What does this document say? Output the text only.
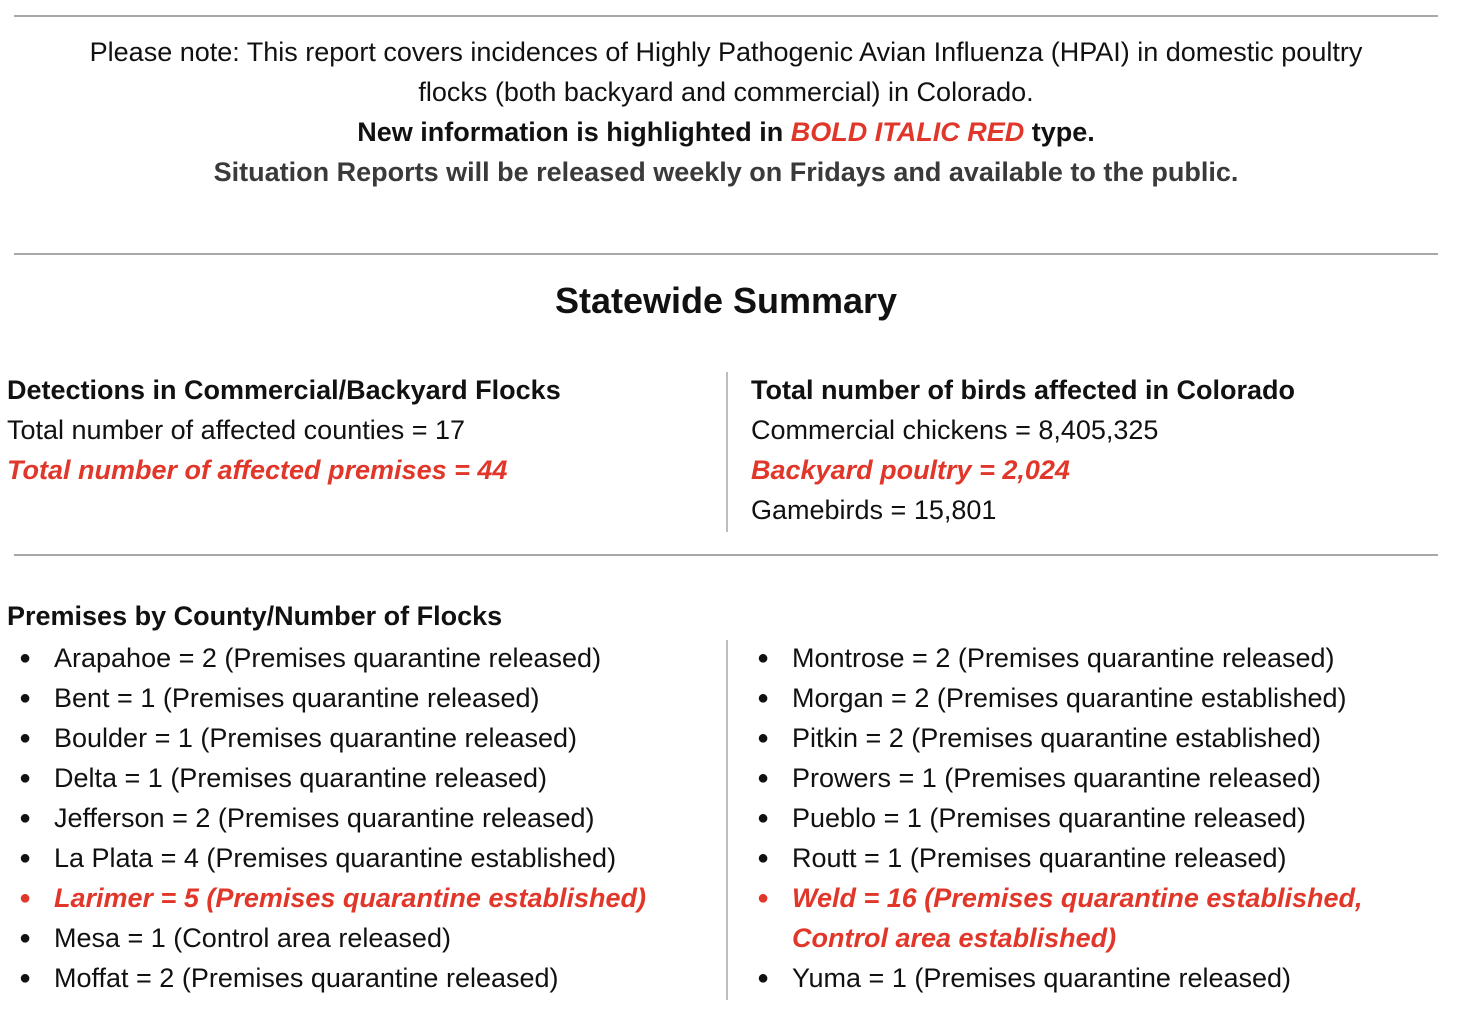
Please note: This report covers incidences of Highly Pathogenic Avian Influenza (HPAI) in domestic poultry

flocks (both backyard and commercial) in Colorado.

New information is highlighted in BOLD ITALIC RED type.

Situation Reports will be released weekly on Fridays and available to the public.

Statewide Summary

Detections in Commercial/Backyard Flocks

Total number of affected counties = 17

Total number of affected premises = 44

Total number of birds affected in Colorado

Commercial chickens = 8,405,325

Backyard poultry = 2,024

Gamebirds = 15,801

Premises by County/Number of Flocks
● Arapahoe = 2 (Premises quarantine released)
● Bent = 1 (Premises quarantine released)
● Boulder = 1 (Premises quarantine released)
● Delta = 1 (Premises quarantine released)
● Jefferson = 2 (Premises quarantine released)
● La Plata = 4 (Premises quarantine established)
● Larimer = 5 (Premises quarantine established)
● Mesa = 1 (Control area released)
● Moffat = 2 (Premises quarantine released)
● Montrose = 2 (Premises quarantine released)
● Morgan = 2 (Premises quarantine established)
● Pitkin = 2 (Premises quarantine established)
● Prowers = 1 (Premises quarantine released)
● Pueblo = 1 (Premises quarantine released)
● Routt = 1 (Premises quarantine released)
● Weld = 16 (Premises quarantine established,
Control area established)
● Yuma = 1 (Premises quarantine released)
